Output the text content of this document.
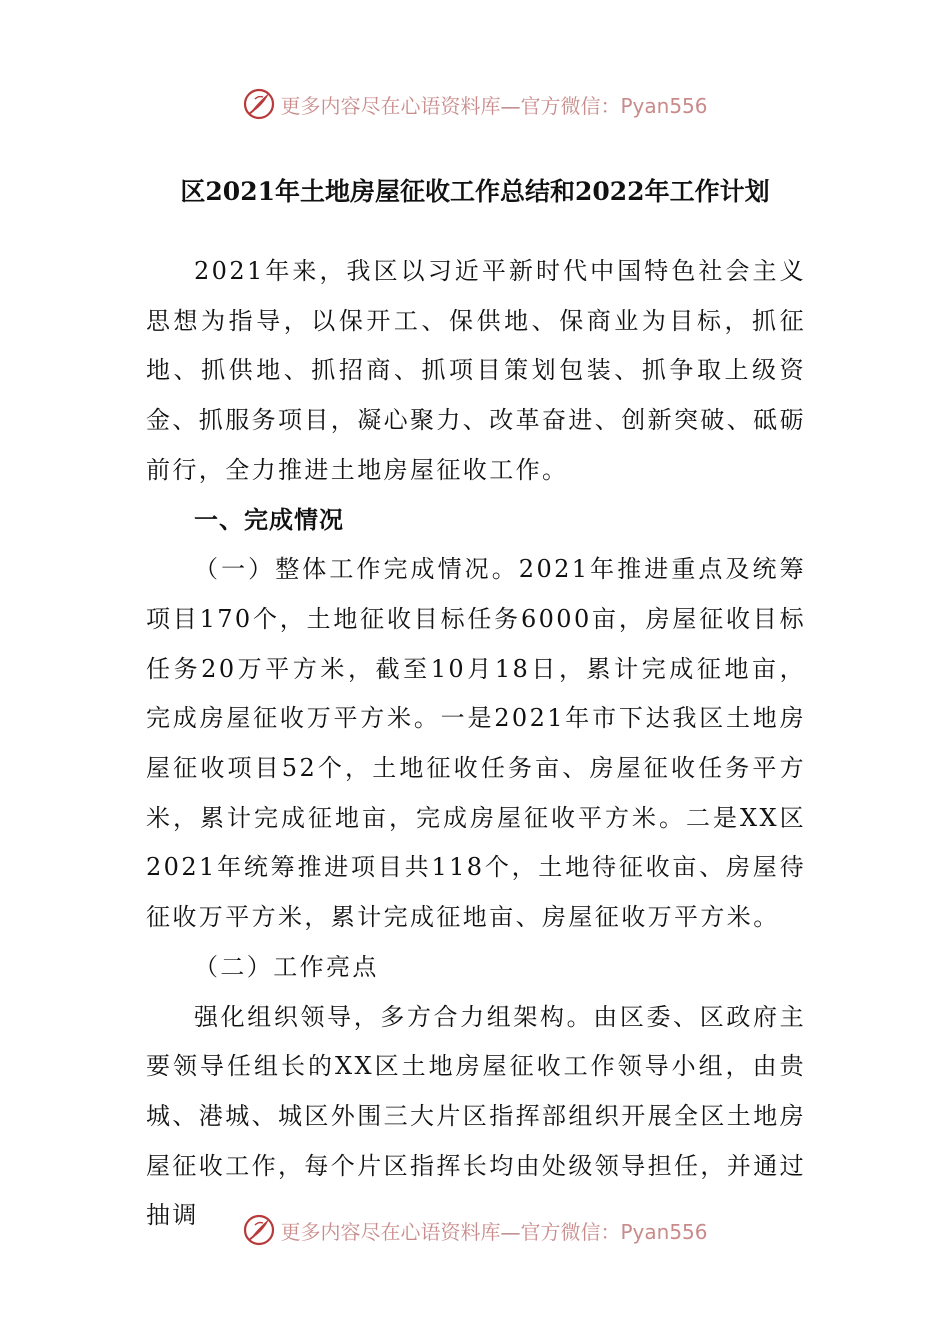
更多内容尽在心语资料库—官方微信：Pyan556
区2021年土地房屋征收工作总结和2022年工作计划

2021年来，我区以习近平新时代中国特色社会主义思想为指导，以保开工、保供地、保商业为目标，抓征地、抓供地、抓招商、抓项目策划包装、抓争取上级资金、抓服务项目，凝心聚力、改革奋进、创新突破、砥砺前行，全力推进土地房屋征收工作。

一、完成情况

（一）整体工作完成情况。2021年推进重点及统筹项目170个，土地征收目标任务6000亩，房屋征收目标任务20万平方米，截至10月18日，累计完成征地亩，完成房屋征收万平方米。一是2021年市下达我区土地房屋征收项目52个，土地征收任务亩、房屋征收任务平方米，累计完成征地亩，完成房屋征收平方米。二是XX区2021年统筹推进项目共118个，土地待征收亩、房屋待征收万平方米，累计完成征地亩、房屋征收万平方米。

（二）工作亮点

强化组织领导，多方合力组架构。由区委、区政府主要领导任组长的XX区土地房屋征收工作领导小组，由贵城、港城、城区外围三大片区指挥部组织开展全区土地房屋征收工作，每个片区指挥长均由处级领导担任，并通过抽调

更多内容尽在心语资料库—官方微信：Pyan556
